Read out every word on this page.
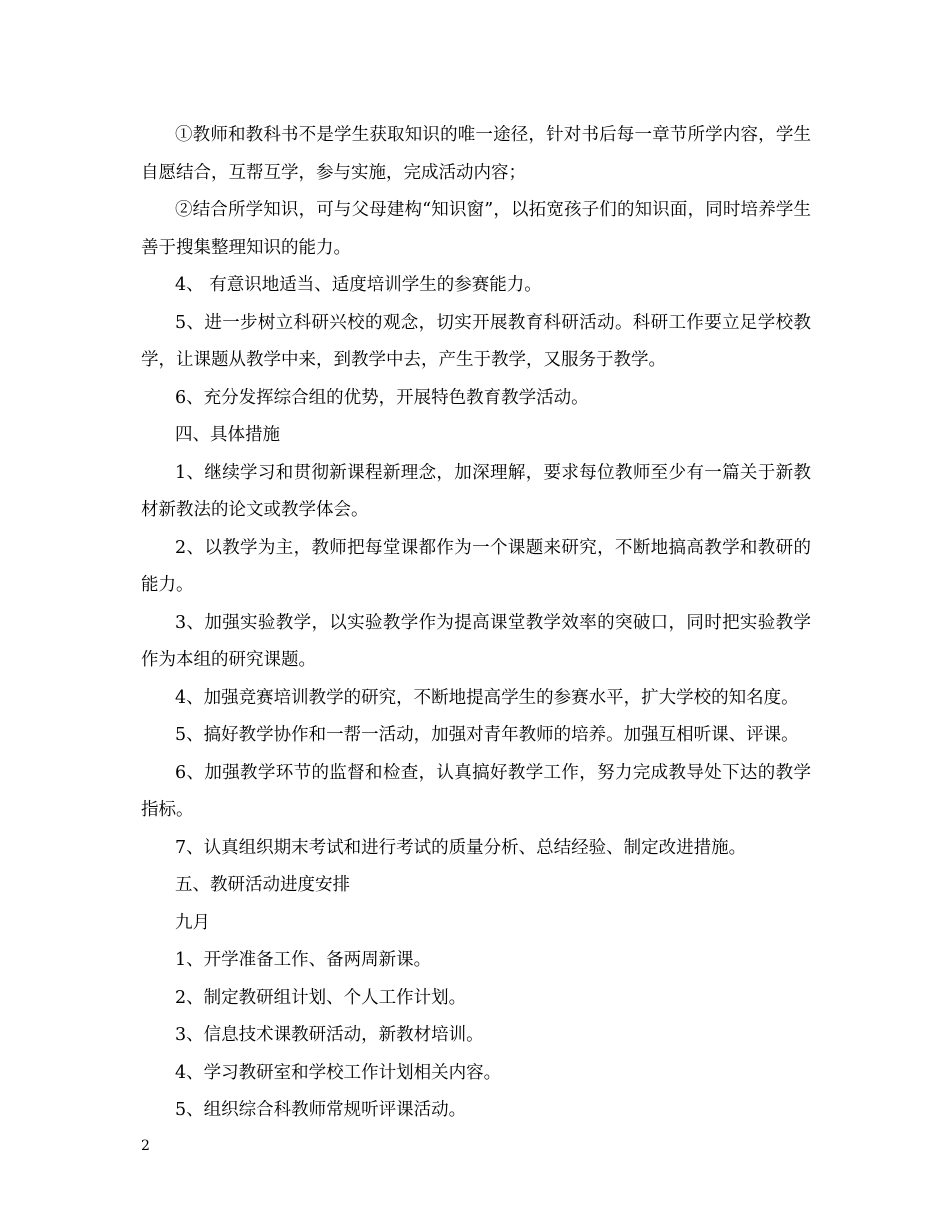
①教师和教科书不是学生获取知识的唯一途径，针对书后每一章节所学内容，学生自愿结合，互帮互学，参与实施，完成活动内容；

②结合所学知识，可与父母建构“知识窗”，以拓宽孩子们的知识面，同时培养学生善于搜集整理知识的能力。

4、 有意识地适当、适度培训学生的参赛能力。

5、进一步树立科研兴校的观念，切实开展教育科研活动。科研工作要立足学校教学，让课题从教学中来，到教学中去，产生于教学，又服务于教学。

6、充分发挥综合组的优势，开展特色教育教学活动。

四、具体措施

1、继续学习和贯彻新课程新理念，加深理解，要求每位教师至少有一篇关于新教材新教法的论文或教学体会。

2、以教学为主，教师把每堂课都作为一个课题来研究，不断地搞高教学和教研的能力。

3、加强实验教学，以实验教学作为提高课堂教学效率的突破口，同时把实验教学作为本组的研究课题。

4、加强竞赛培训教学的研究，不断地提高学生的参赛水平，扩大学校的知名度。

5、搞好教学协作和一帮一活动，加强对青年教师的培养。加强互相听课、评课。

6、加强教学环节的监督和检查，认真搞好教学工作，努力完成教导处下达的教学指标。

7、认真组织期末考试和进行考试的质量分析、总结经验、制定改进措施。

五、教研活动进度安排

九月

1、开学准备工作、备两周新课。

2、制定教研组计划、个人工作计划。

3、信息技术课教研活动，新教材培训。

4、学习教研室和学校工作计划相关内容。

5、组织综合科教师常规听评课活动。

2
